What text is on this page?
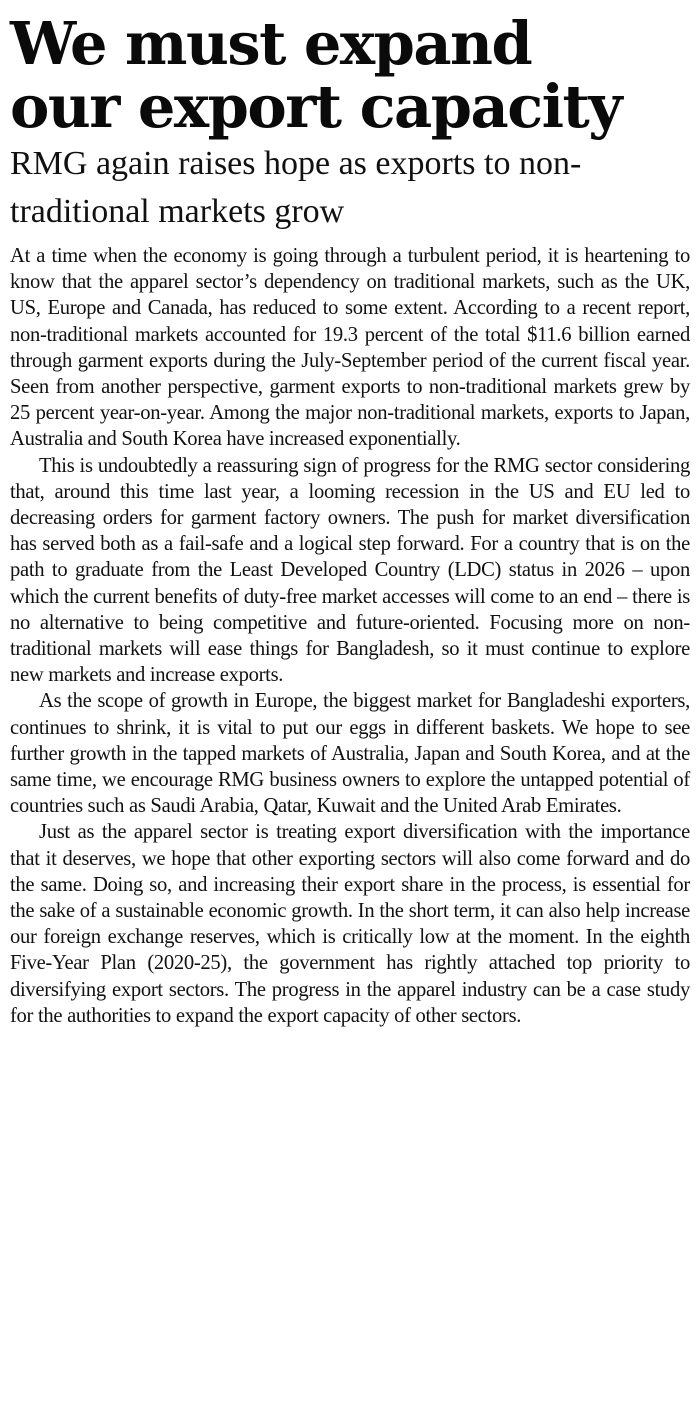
We must expand
our export capacity
RMG again raises hope as exports to non-traditional markets grow

At a time when the economy is going through a turbulent period, it is heartening to know that the apparel sector’s dependency on traditional markets, such as the UK, US, Europe and Canada, has reduced to some extent. According to a recent report, non-traditional markets accounted for 19.3 percent of the total $11.6 billion earned through garment exports during the July-September period of the current fiscal year. Seen from another perspective, garment exports to non-traditional markets grew by 25 percent year-on-year. Among the major non-traditional markets, exports to Japan, Australia and South Korea have increased exponentially.

This is undoubtedly a reassuring sign of progress for the RMG sector considering that, around this time last year, a looming recession in the US and EU led to decreasing orders for garment factory owners. The push for market diversification has served both as a fail-safe and a logical step forward. For a country that is on the path to graduate from the Least Developed Country (LDC) status in 2026 – upon which the current benefits of duty-free market accesses will come to an end – there is no alternative to being competitive and future-oriented. Focusing more on non-traditional markets will ease things for Bangladesh, so it must continue to explore new markets and increase exports.

As the scope of growth in Europe, the biggest market for Bangladeshi exporters, continues to shrink, it is vital to put our eggs in different baskets. We hope to see further growth in the tapped markets of Australia, Japan and South Korea, and at the same time, we encourage RMG business owners to explore the untapped potential of countries such as Saudi Arabia, Qatar, Kuwait and the United Arab Emirates.

Just as the apparel sector is treating export diversification with the importance that it deserves, we hope that other exporting sectors will also come forward and do the same. Doing so, and increasing their export share in the process, is essential for the sake of a sustainable economic growth. In the short term, it can also help increase our foreign exchange reserves, which is critically low at the moment. In the eighth Five-Year Plan (2020-25), the government has rightly attached top priority to diversifying export sectors. The progress in the apparel industry can be a case study for the authorities to expand the export capacity of other sectors.
